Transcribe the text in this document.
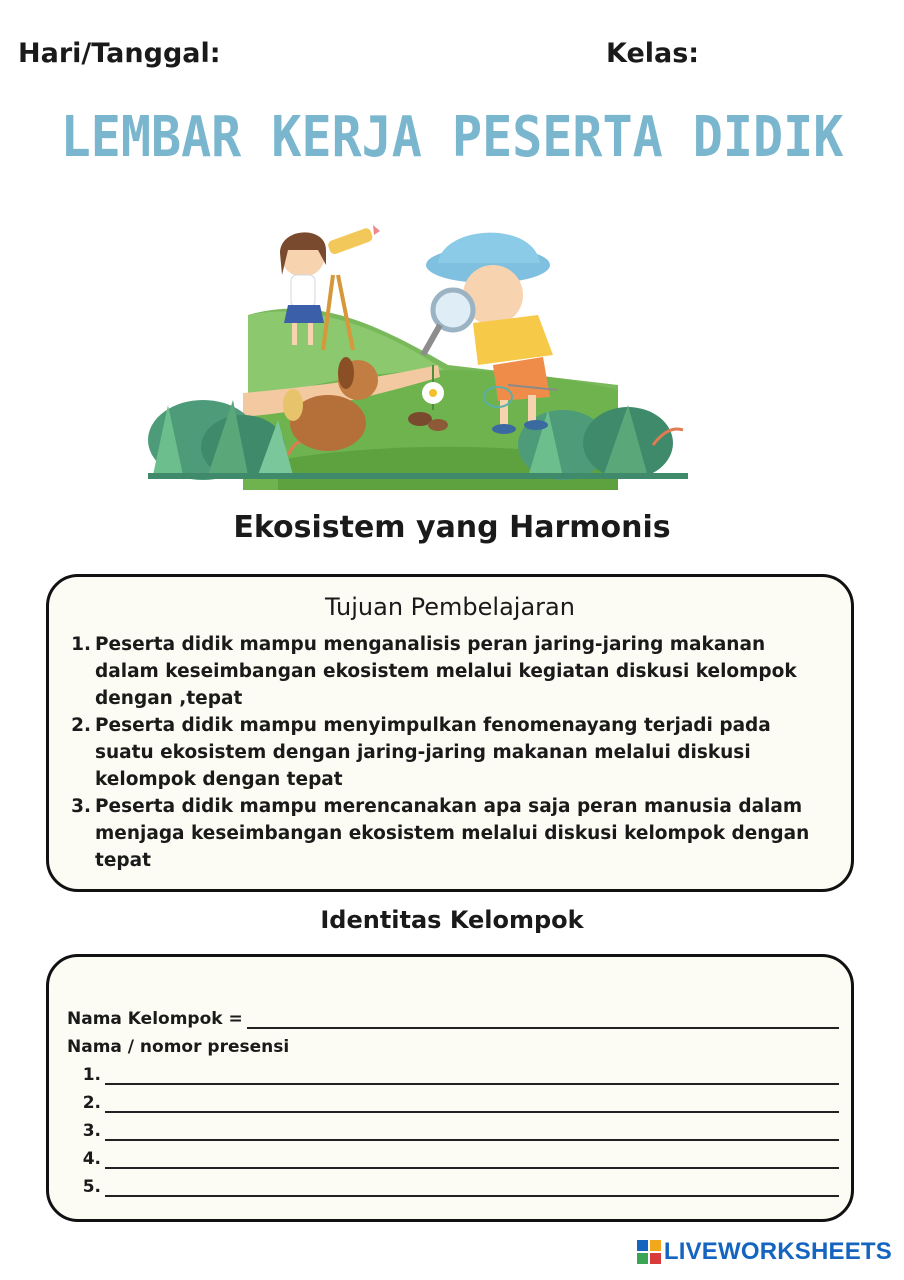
Hari/Tanggal:	Kelas:
LEMBAR KERJA PESERTA DIDIK
Ekosistem yang Harmonis
Tujuan Pembelajaran
1. Peserta didik mampu menganalisis peran jaring-jaring makanan dalam keseimbangan ekosistem melalui kegiatan diskusi kelompok dengan ,tepat
2. Peserta didik mampu menyimpulkan fenomenayang terjadi pada suatu ekosistem dengan jaring-jaring makanan melalui diskusi kelompok dengan tepat
3. Peserta didik mampu merencanakan apa saja peran manusia dalam menjaga keseimbangan ekosistem melalui diskusi kelompok dengan tepat
Identitas Kelompok
Nama Kelompok =
Nama / nomor presensi
1.
2.
3.
4.
5.
LIVEWORKSHEETS
